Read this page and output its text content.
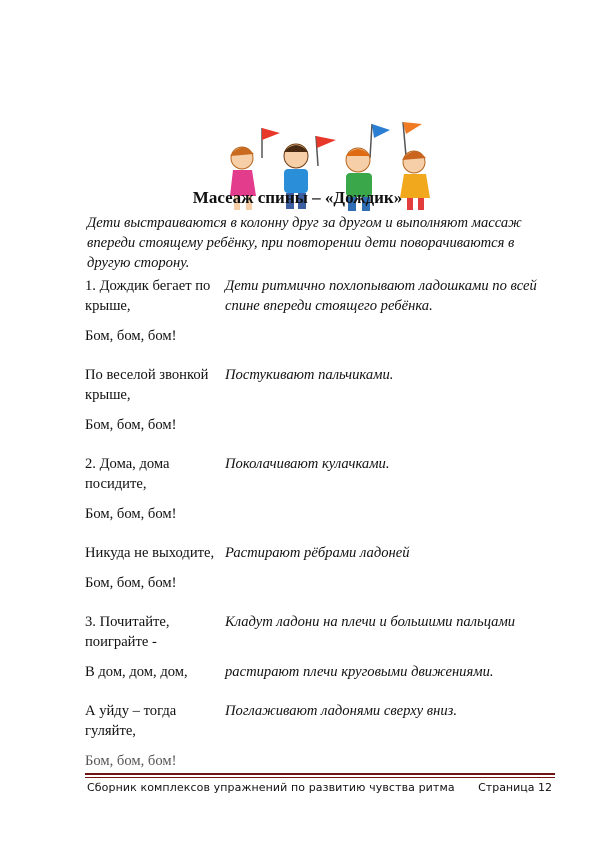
Масеаж спины – «Дождик»
Дети выстраиваются в колонну друг за другом и выполняют массаж впереди стоящему ребёнку, при повторении дети поворачиваются в другую сторону.
1. Дождик бегает по крыше,	Дети ритмично похлопывают ладошками по всей спине впереди стоящего ребёнка.
Бом, бом, бом!	
По веселой звонкой крыше,	Постукивают пальчиками.
Бом, бом, бом!	
2. Дома, дома посидите,	Поколачивают кулачками.
Бом, бом, бом!	
Никуда не выходите,	Растирают рёбрами ладоней
Бом, бом, бом!	
3. Почитайте, поиграйте -	Кладут ладони на плечи и большими пальцами
В дом, дом, дом,	растирают плечи круговыми движениями.
А уйду – тогда гуляйте,	Поглаживают ладонями сверху вниз.
Бом, бом, бом!	
Сборник комплексов упражнений по развитию чувства ритма Страница 12
